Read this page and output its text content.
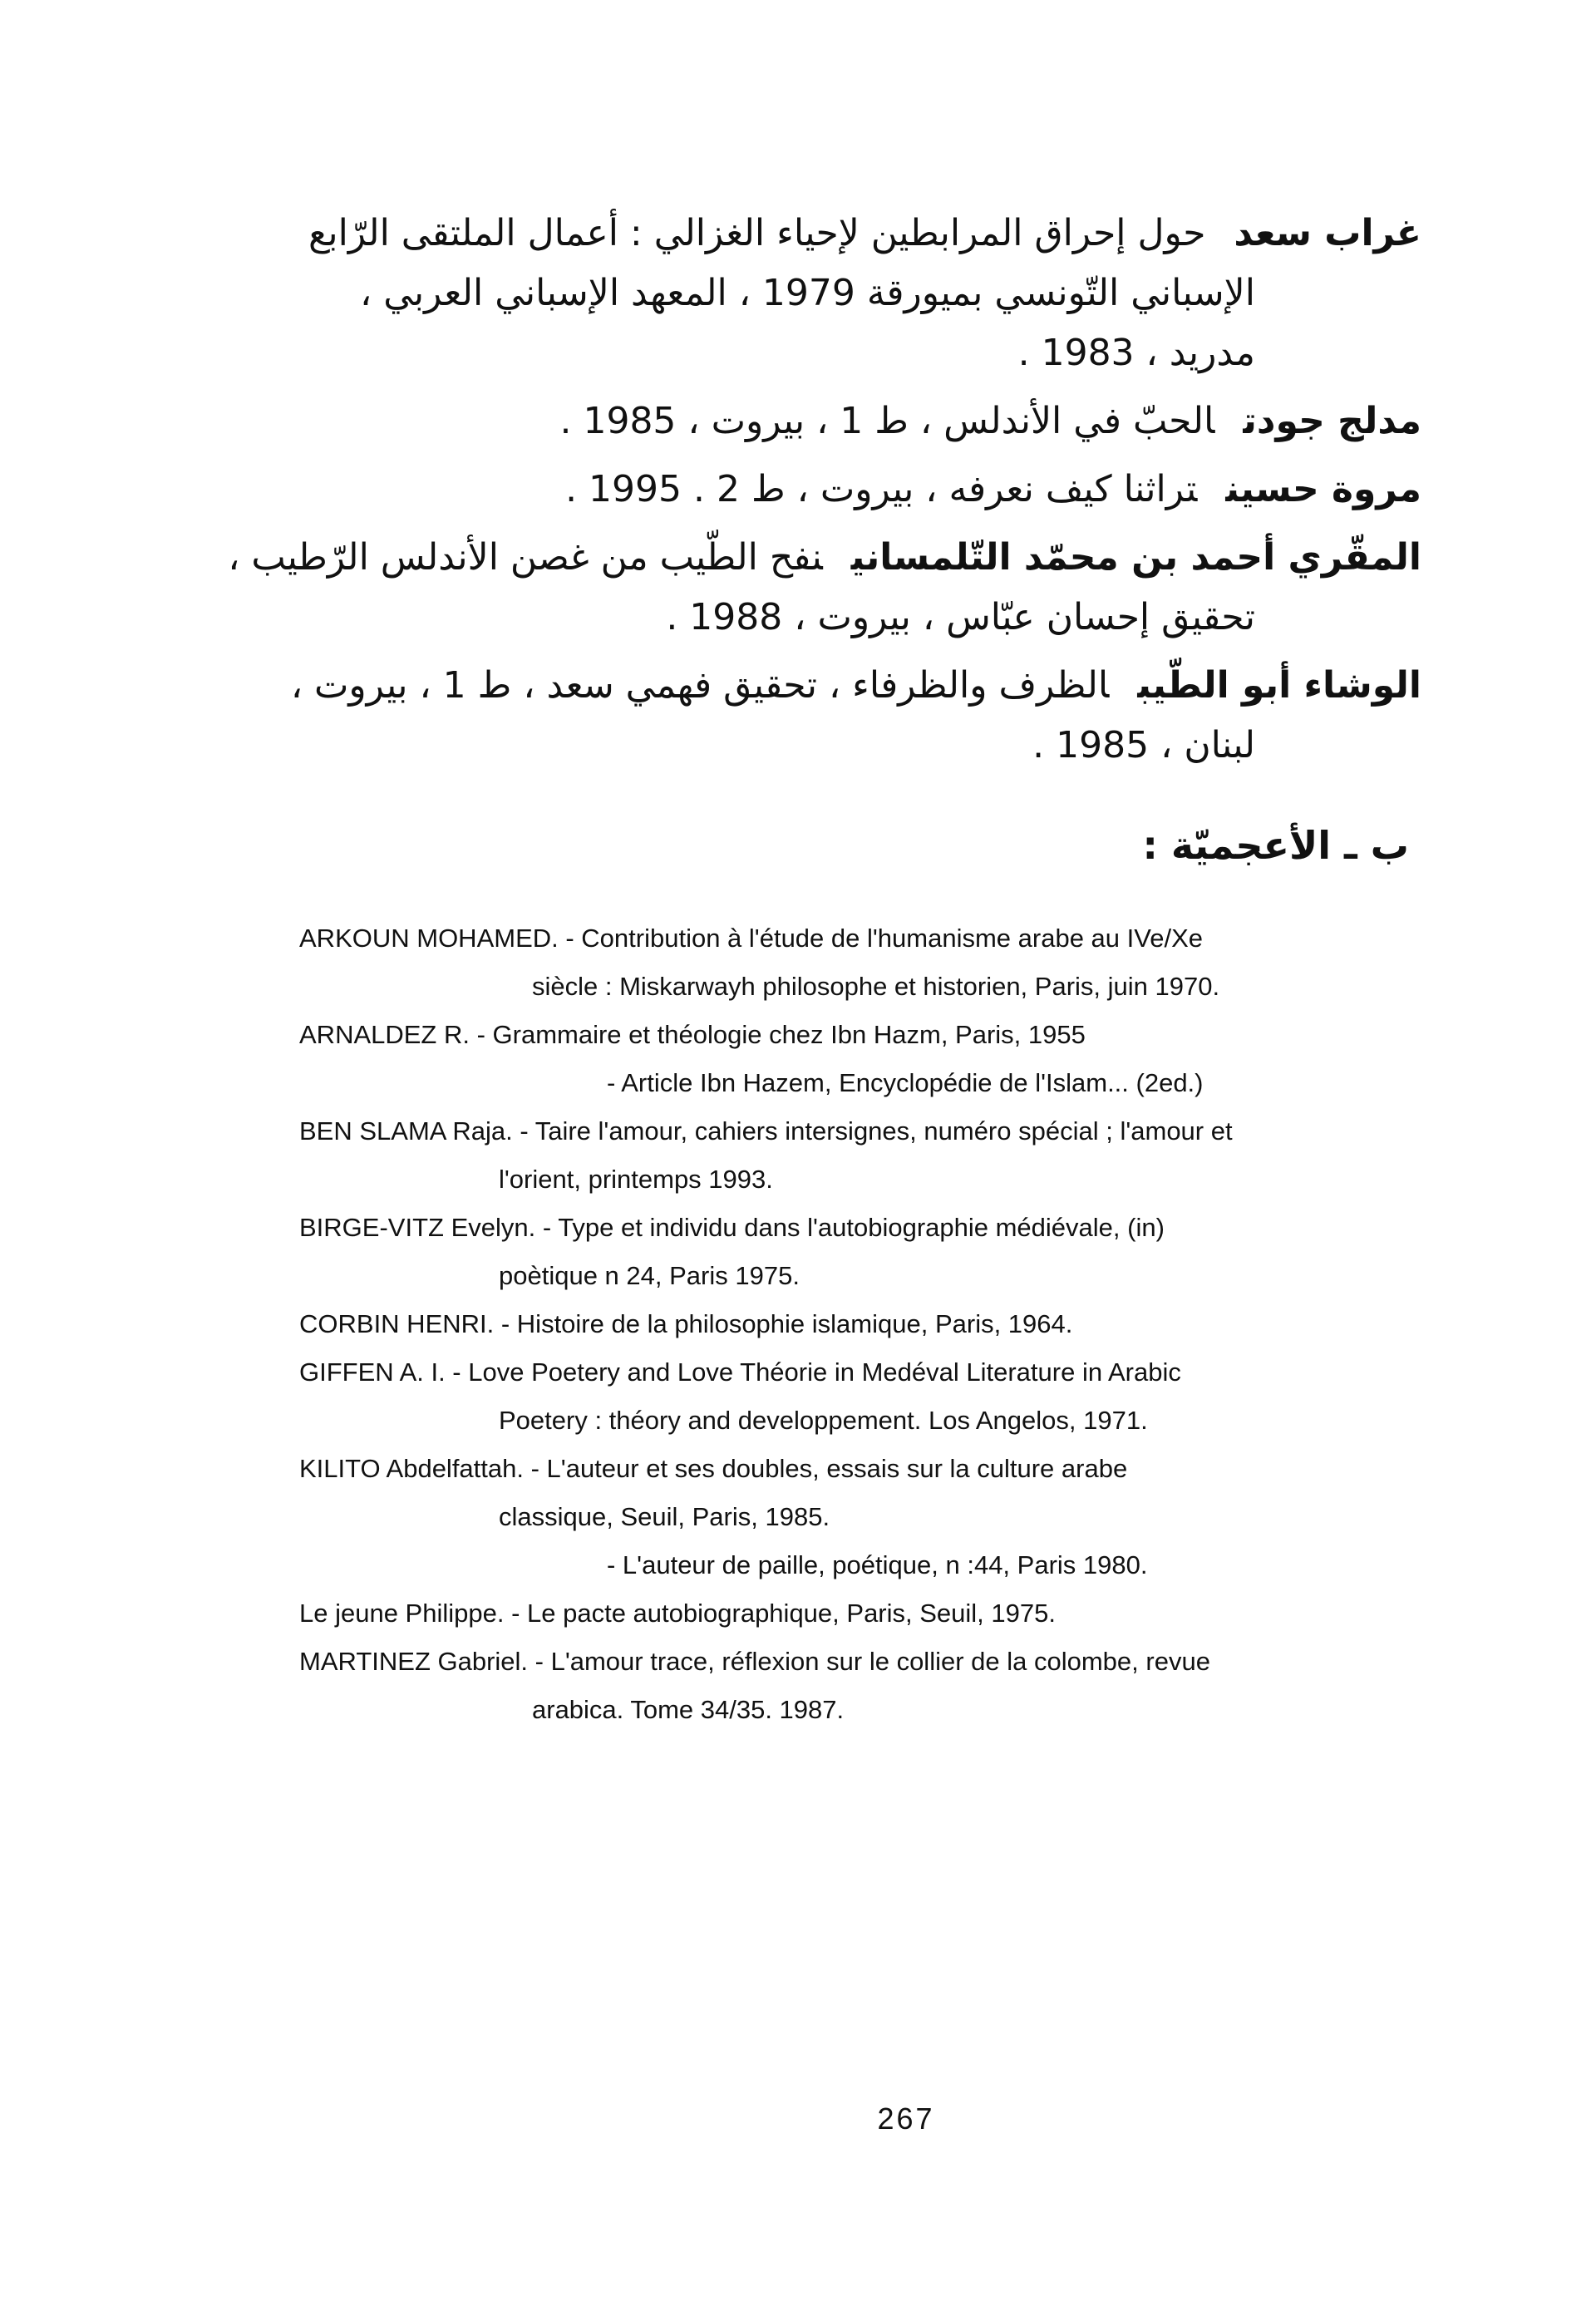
غراب سعدحول إحراق المرابطين لإحياء الغزالي : أعمال الملتقى الرّابع
الإسباني التّونسي بميورقة 1979 ، المعهد الإسباني العربي ،
مدريد ، 1983 .
مدلج جودتالحبّ في الأندلس ، ط 1 ، بيروت ، 1985 .
مروة حسينتراثنا كيف نعرفه ، بيروت ، ط 2 . 1995 .
المقّري أحمد بن محمّد التّلمسانينفح الطّيب من غصن الأندلس الرّطيب ،
تحقيق إحسان عبّاس ، بيروت ، 1988 .
الوشاء أبو الطّيبالظرف والظرفاء ، تحقيق فهمي سعد ، ط 1 ، بيروت ،
لبنان ، 1985 .
ب ـ الأعجميّة :
ARKOUN MOHAMED. - Contribution à l'étude de l'humanisme arabe au IVe/Xe
siècle : Miskarwayh philosophe et historien, Paris, juin 1970.
ARNALDEZ R. - Grammaire et théologie chez Ibn Hazm, Paris, 1955
- Article Ibn Hazem, Encyclopédie de l'Islam... (2ed.)
BEN SLAMA Raja. - Taire l'amour, cahiers intersignes, numéro spécial ; l'amour et
l'orient, printemps 1993.
BIRGE-VITZ Evelyn. - Type et individu dans l'autobiographie médiévale, (in)
poètique n 24, Paris 1975.
CORBIN HENRI. - Histoire de la philosophie islamique, Paris, 1964.
GIFFEN A. I. - Love Poetery and Love Théorie in Medéval Literature in Arabic
Poetery : théory and developpement. Los Angelos, 1971.
KILITO Abdelfattah. - L'auteur et ses doubles, essais sur la culture arabe
classique, Seuil, Paris, 1985.
- L'auteur de paille, poétique, n :44, Paris 1980.
Le jeune Philippe. - Le pacte autobiographique, Paris, Seuil, 1975.
MARTINEZ Gabriel. - L'amour trace, réflexion sur le collier de la colombe, revue
arabica. Tome 34/35. 1987.
267
